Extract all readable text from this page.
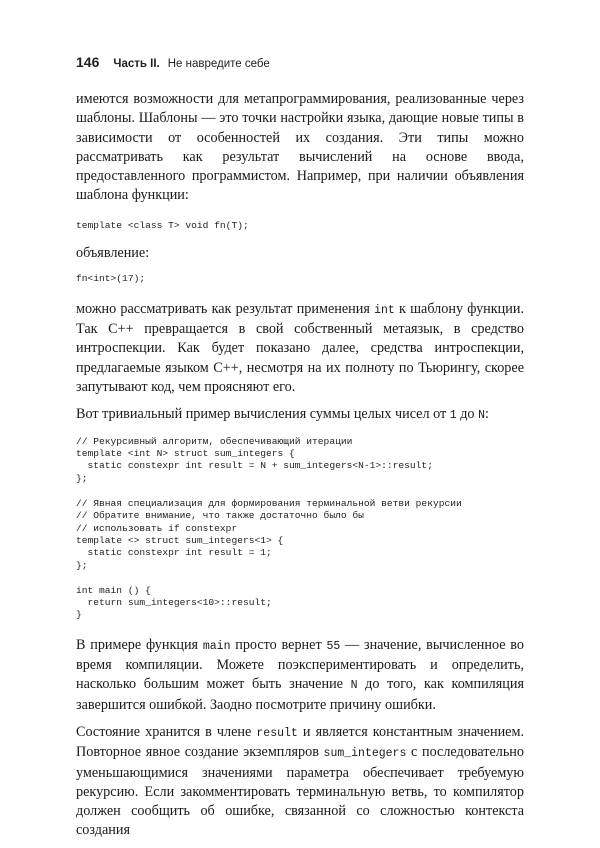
146 Часть II. Не навредите себе

имеются возможности для метапрограммирования, реализованные через шаблоны. Шаблоны — это точки настройки языка, дающие новые типы в зависимости от особенностей их создания. Эти типы можно рассматривать как результат вычислений на основе ввода, предоставленного программистом. Например, при наличии объявления шаблона функции:

template <class T> void fn(T);

объявление:

fn<int>(17);

можно рассматривать как результат применения int к шаблону функции. Так C++ превращается в свой собственный метаязык, в средство интроспекции. Как будет показано далее, средства интроспекции, предлагаемые языком C++, несмотря на их полноту по Тьюрингу, скорее запутывают код, чем проясняют его.

Вот тривиальный пример вычисления суммы целых чисел от 1 до N:

// Рекурсивный алгоритм, обеспечивающий итерации
template <int N> struct sum_integers {
static constexpr int result = N + sum_integers<N-1>::result;
};

// Явная специализация для формирования терминальной ветви рекурсии
// Обратите внимание, что также достаточно было бы
// использовать if constexpr
template <> struct sum_integers<1> {
static constexpr int result = 1;
};

int main () {
return sum_integers<10>::result;
}

В примере функция main просто вернет 55 — значение, вычисленное во время компиляции. Можете поэкспериментировать и определить, насколько большим может быть значение N до того, как компиляция завершится ошибкой. Заодно посмотрите причину ошибки.

Состояние хранится в члене result и является константным значением. Повторное явное создание экземпляров sum_integers с последовательно уменьшающимися значениями параметра обеспечивает требуемую рекурсию. Если закомментировать терминальную ветвь, то компилятор должен сообщить об ошибке, связанной со сложностью контекста создания
